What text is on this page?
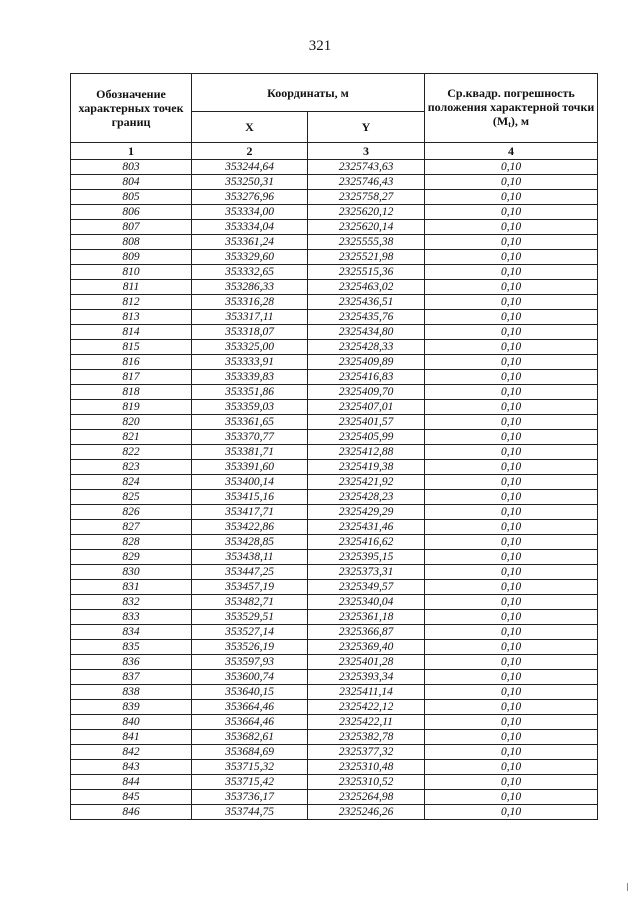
321
Обозначение характерных точек границ	Координаты, м		Ср.квадр. погрешность положения характерной точки (Mt), м
	X	Y	
1	2	3	4
803	353244,64	2325743,63	0,10
804	353250,31	2325746,43	0,10
805	353276,96	2325758,27	0,10
806	353334,00	2325620,12	0,10
807	353334,04	2325620,14	0,10
808	353361,24	2325555,38	0,10
809	353329,60	2325521,98	0,10
810	353332,65	2325515,36	0,10
811	353286,33	2325463,02	0,10
812	353316,28	2325436,51	0,10
813	353317,11	2325435,76	0,10
814	353318,07	2325434,80	0,10
815	353325,00	2325428,33	0,10
816	353333,91	2325409,89	0,10
817	353339,83	2325416,83	0,10
818	353351,86	2325409,70	0,10
819	353359,03	2325407,01	0,10
820	353361,65	2325401,57	0,10
821	353370,77	2325405,99	0,10
822	353381,71	2325412,88	0,10
823	353391,60	2325419,38	0,10
824	353400,14	2325421,92	0,10
825	353415,16	2325428,23	0,10
826	353417,71	2325429,29	0,10
827	353422,86	2325431,46	0,10
828	353428,85	2325416,62	0,10
829	353438,11	2325395,15	0,10
830	353447,25	2325373,31	0,10
831	353457,19	2325349,57	0,10
832	353482,71	2325340,04	0,10
833	353529,51	2325361,18	0,10
834	353527,14	2325366,87	0,10
835	353526,19	2325369,40	0,10
836	353597,93	2325401,28	0,10
837	353600,74	2325393,34	0,10
838	353640,15	2325411,14	0,10
839	353664,46	2325422,12	0,10
840	353664,46	2325422,11	0,10
841	353682,61	2325382,78	0,10
842	353684,69	2325377,32	0,10
843	353715,32	2325310,48	0,10
844	353715,42	2325310,52	0,10
845	353736,17	2325264,98	0,10
846	353744,75	2325246,26	0,10
